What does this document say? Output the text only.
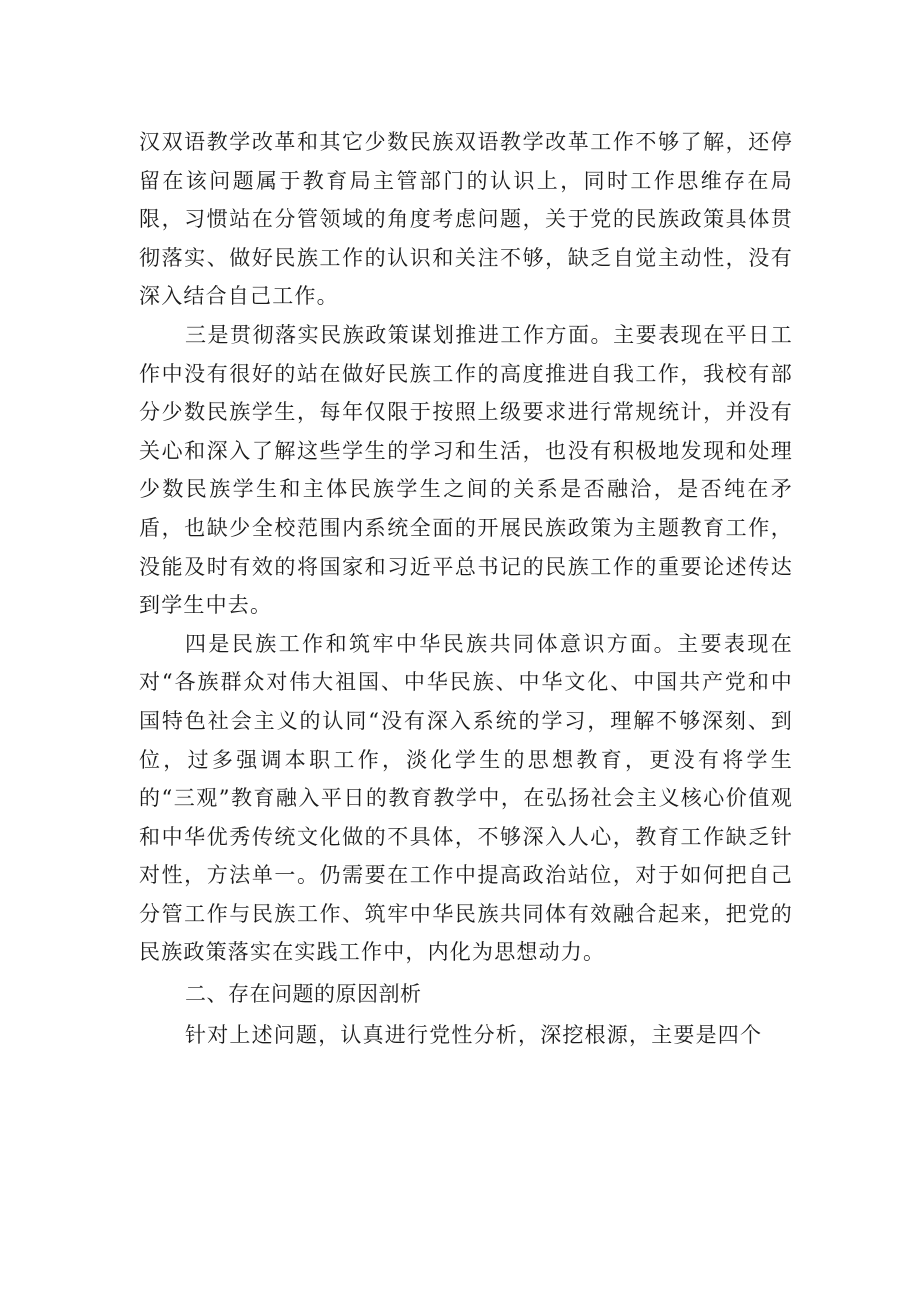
汉双语教学改革和其它少数民族双语教学改革工作不够了解，还停留在该问题属于教育局主管部门的认识上，同时工作思维存在局限，习惯站在分管领域的角度考虑问题，关于党的民族政策具体贯彻落实、做好民族工作的认识和关注不够，缺乏自觉主动性，没有深入结合自己工作。

三是贯彻落实民族政策谋划推进工作方面。主要表现在平日工作中没有很好的站在做好民族工作的高度推进自我工作，我校有部分少数民族学生，每年仅限于按照上级要求进行常规统计，并没有关心和深入了解这些学生的学习和生活，也没有积极地发现和处理少数民族学生和主体民族学生之间的关系是否融洽，是否纯在矛盾，也缺少全校范围内系统全面的开展民族政策为主题教育工作，没能及时有效的将国家和习近平总书记的民族工作的重要论述传达到学生中去。

四是民族工作和筑牢中华民族共同体意识方面。主要表现在对“各族群众对伟大祖国、中华民族、中华文化、中国共产党和中国特色社会主义的认同“没有深入系统的学习，理解不够深刻、到位，过多强调本职工作，淡化学生的思想教育，更没有将学生的“三观”教育融入平日的教育教学中，在弘扬社会主义核心价值观和中华优秀传统文化做的不具体，不够深入人心，教育工作缺乏针对性，方法单一。仍需要在工作中提高政治站位，对于如何把自己分管工作与民族工作、筑牢中华民族共同体有效融合起来，把党的民族政策落实在实践工作中，内化为思想动力。

二、存在问题的原因剖析

针对上述问题，认真进行党性分析，深挖根源，主要是四个
